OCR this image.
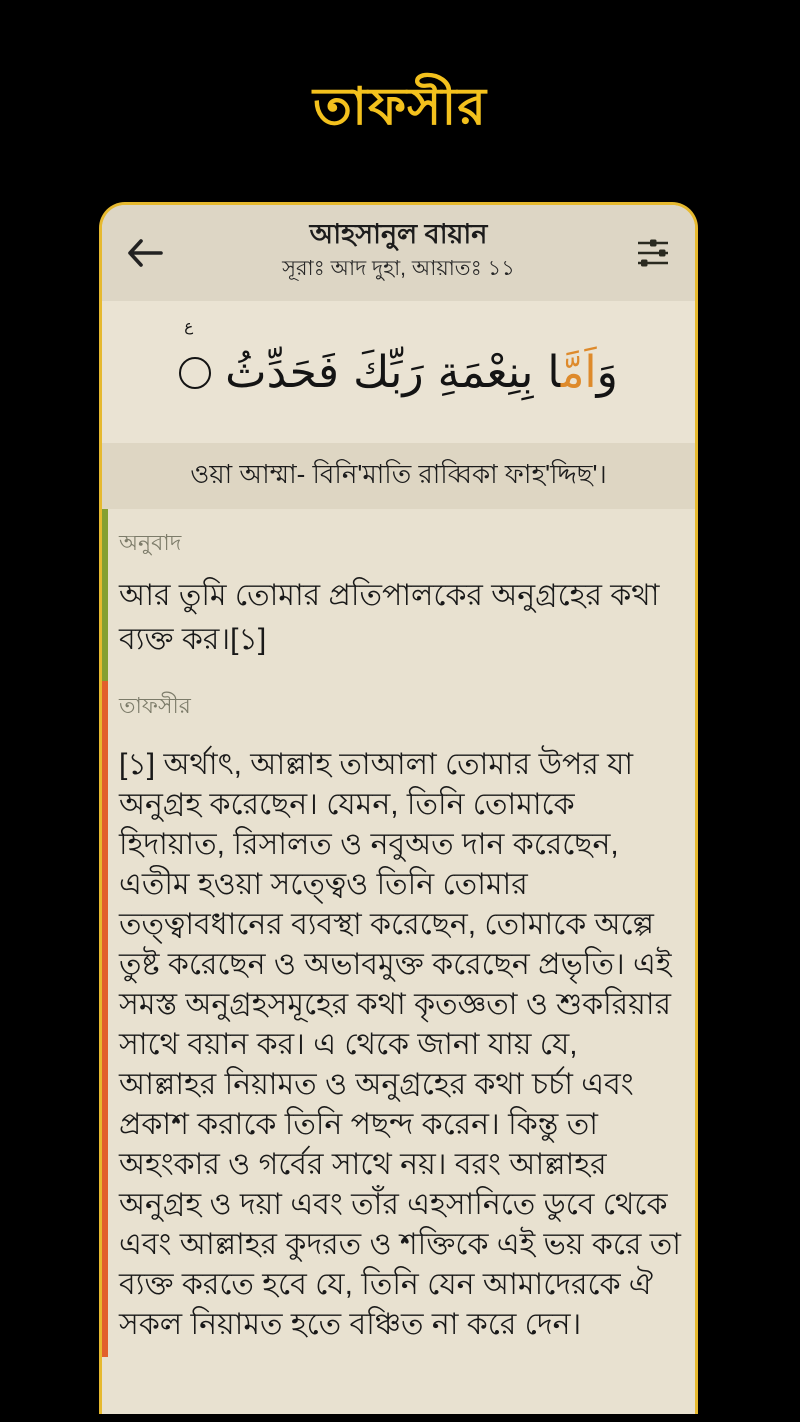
তাফসীর
আহসানুল বায়ান
সূরাঃ আদ দুহা, আয়াতঃ ১১
وَاَمَّا بِنِعْمَةِ رَبِّكَ فَحَدِّثُ
ع
ওয়া আম্মা- বিনি'মাতি রাব্বিকা ফাহ'দ্দিছ'।
অনুবাদ
আর তুমি তোমার প্রতিপালকের অনুগ্রহের কথা ব্যক্ত কর।[১]
তাফসীর
[১] অর্থাৎ, আল্লাহ তাআলা তোমার উপর যা অনুগ্রহ করেছেন। যেমন, তিনি তোমাকে হিদায়াত, রিসালত ও নবুঅত দান করেছেন, এতীম হওয়া সত্ত্বেও তিনি তোমার তত্ত্বাবধানের ব্যবস্থা করেছেন, তোমাকে অল্পে তুষ্ট করেছেন ও অভাবমুক্ত করেছেন প্রভৃতি। এই সমস্ত অনুগ্রহসমূহের কথা কৃতজ্ঞতা ও শুকরিয়ার সাথে বয়ান কর। এ থেকে জানা যায় যে, আল্লাহর নিয়ামত ও অনুগ্রহের কথা চর্চা এবং প্রকাশ করাকে তিনি পছন্দ করেন। কিন্তু তা অহংকার ও গর্বের সাথে নয়। বরং আল্লাহর অনুগ্রহ ও দয়া এবং তাঁর এহসানিতে ডুবে থেকে এবং আল্লাহর কুদরত ও শক্তিকে এই ভয় করে তা ব্যক্ত করতে হবে যে, তিনি যেন আমাদেরকে ঐ সকল নিয়ামত হতে বঞ্চিত না করে দেন।
